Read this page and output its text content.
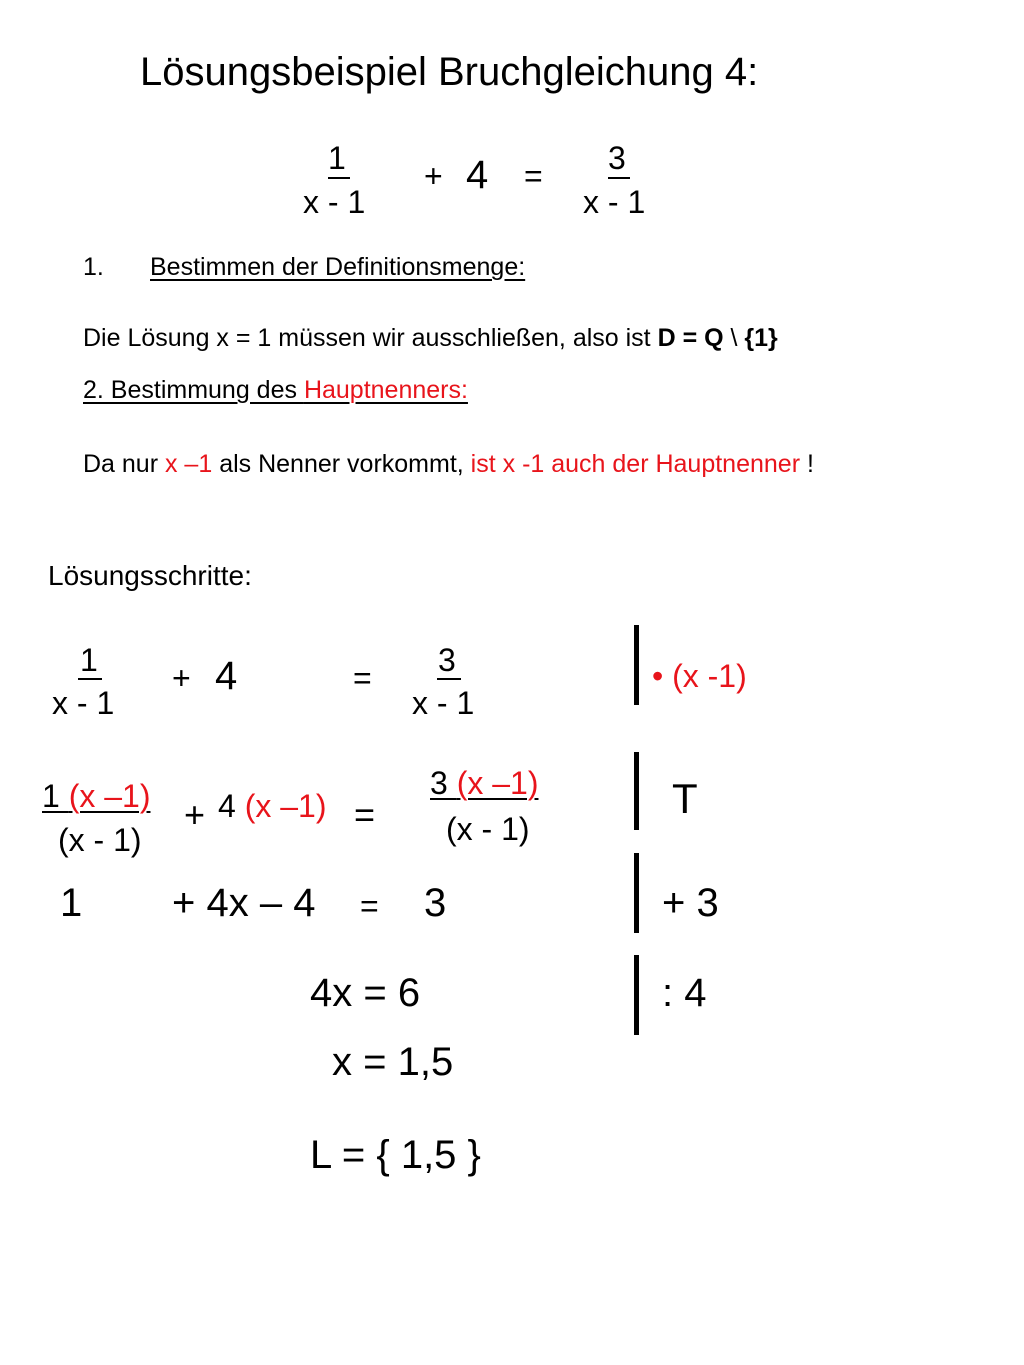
Lösungsbeispiel Bruchgleichung 4:
1
x - 1
+ 4 = 3
x - 1
1. Bestimmen der Definitionsmenge:
Die Lösung x = 1 müssen wir ausschließen, also ist D = Q \ {1}
2. Bestimmung des Hauptnenners:
Da nur x –1 als Nenner vorkommt, ist x -1 auch der Hauptnenner !
Lösungsschritte:
1
x - 1
+ 4	= 3
x - 1
• (x -1)
1 (x –1)
(x - 1)
+ 4 (x –1) =
3 (x –1)
(x - 1)
T
1 + 4x – 4 = 3	+ 3
4x = 6	: 4
x = 1,5
L = { 1,5 }
